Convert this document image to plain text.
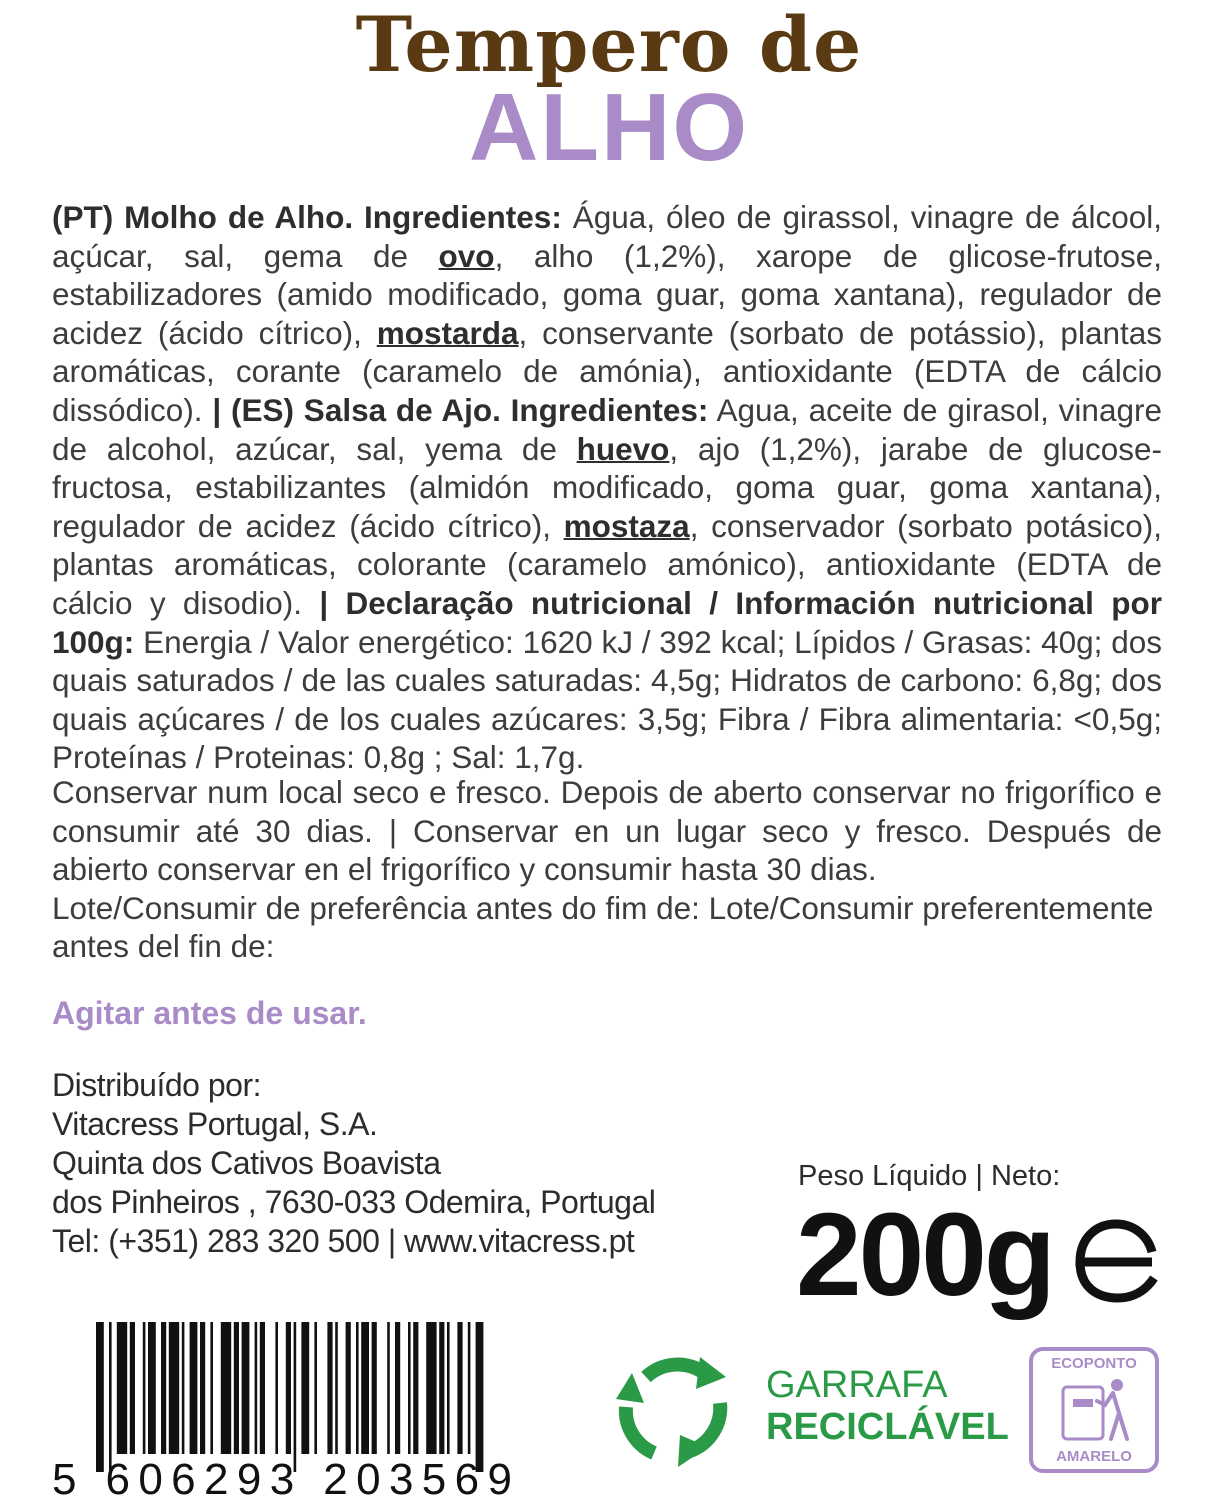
Tempero de
ALHO
(PT) Molho de Alho. Ingredientes: Água, óleo de girassol, vinagre de álcool, açúcar, sal, gema de ovo, alho (1,2%), xarope de glicose-frutose, estabilizadores (amido modificado, goma guar, goma xantana), regulador de acidez (ácido cítrico), mostarda, conservante (sorbato de potássio), plantas aromáticas, corante (caramelo de amónia), antioxidante (EDTA de cálcio dissódico). | (ES) Salsa de Ajo. Ingredientes: Agua, aceite de girasol, vinagre de alcohol, azúcar, sal, yema de huevo, ajo (1,2%), jarabe de glucose-fructosa, estabilizantes (almidón modificado, goma guar, goma xantana), regulador de acidez (ácido cítrico), mostaza, conservador (sorbato potásico), plantas aromáticas, colorante (caramelo amónico), antioxidante (EDTA de cálcio y disodio). | Declaração nutricional / Información nutricional por 100g: Energia / Valor energético: 1620 kJ / 392 kcal; Lípidos / Grasas: 40g; dos quais saturados / de las cuales saturadas: 4,5g; Hidratos de carbono: 6,8g; dos quais açúcares / de los cuales azúcares: 3,5g; Fibra / Fibra alimentaria: <0,5g; Proteínas / Proteinas: 0,8g ; Sal: 1,7g.
Conservar num local seco e fresco. Depois de aberto conservar no frigorífico e consumir até 30 dias. | Conservar en un lugar seco y fresco. Después de abierto conservar en el frigorífico y consumir hasta 30 dias.
Lote/Consumir de preferência antes do fim de: Lote/Consumir preferentemente antes del fin de:
Agitar antes de usar.
Distribuído por:
Vitacress Portugal, S.A.
Quinta dos Cativos Boavista
dos Pinheiros , 7630-033 Odemira, Portugal
Tel: (+351) 283 320 500 | www.vitacress.pt
Peso Líquido | Neto:
200g
5 606293 203569
GARRAFA
RECICLÁVEL
ECOPONTO
AMARELO
